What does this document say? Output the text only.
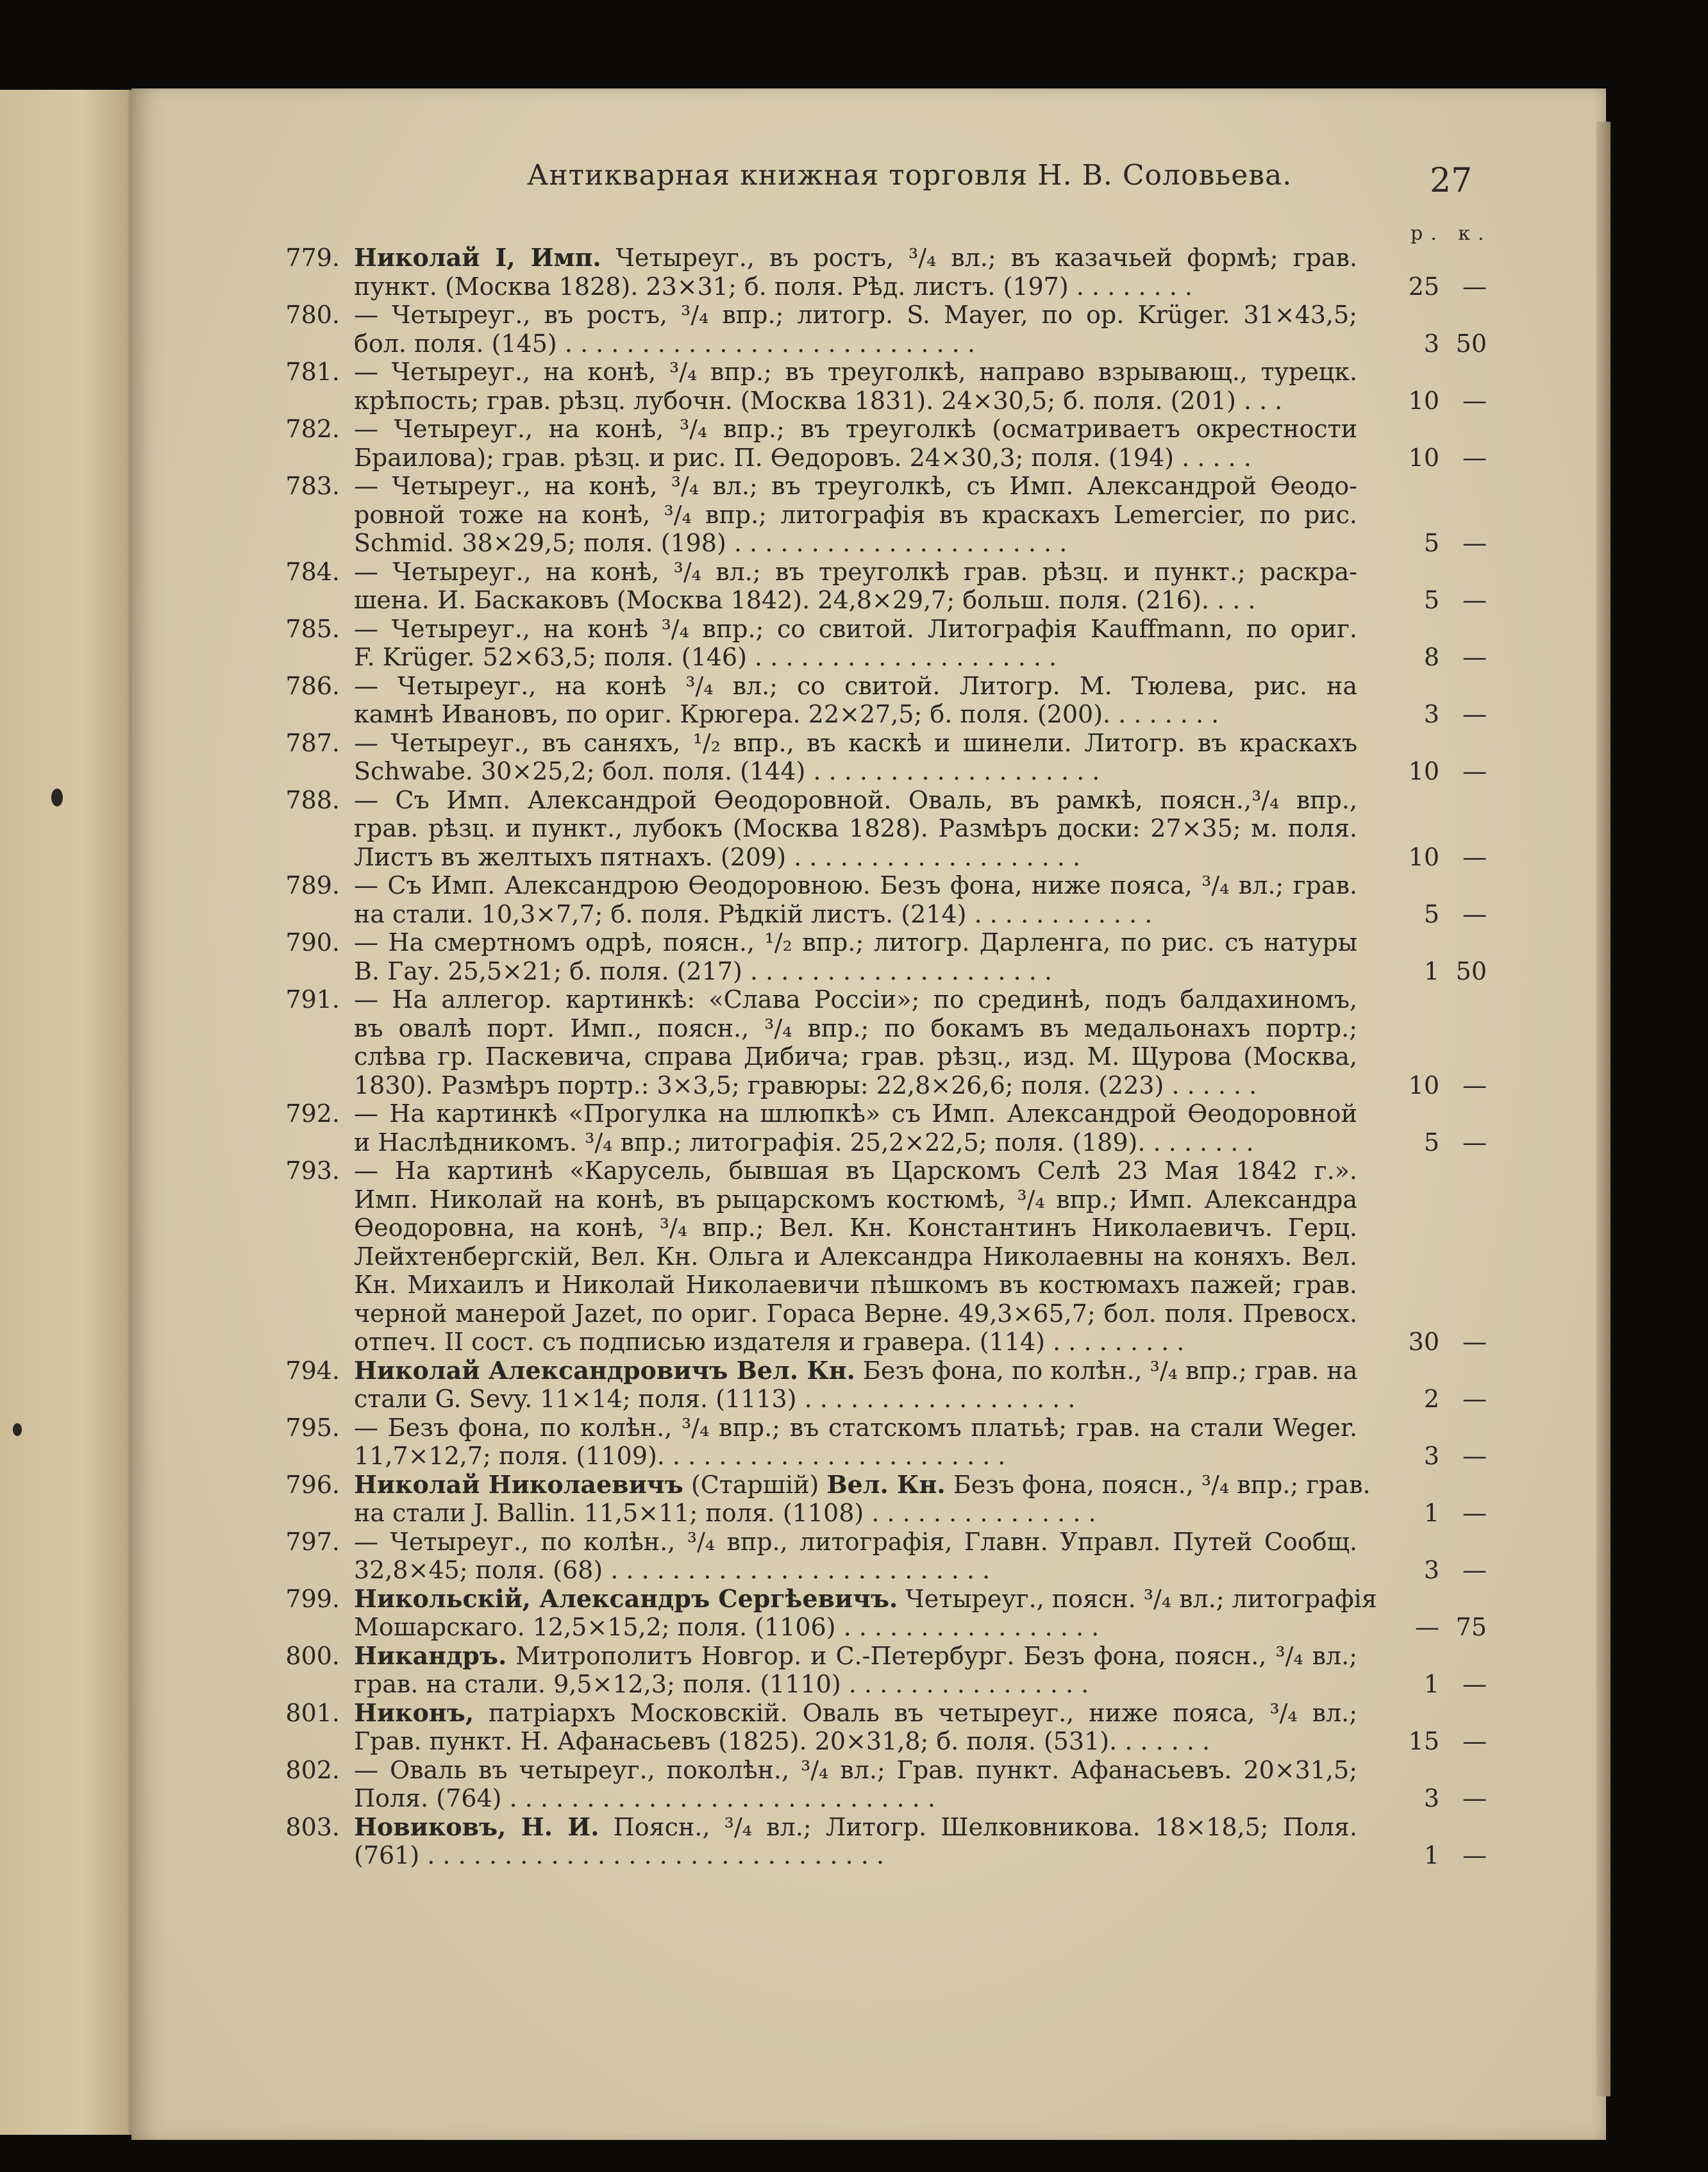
Антикварная книжная торговля Н. В. Соловьева.	27
р. к.
779. Николай I, Имп. Четыреуг., въ ростъ, ³/₄ вл.; въ казачьей формѣ; грав.
пункт. (Москва 1828). 23×31; б. поля. Рѣд. листъ. (197) . . . . . . . .	25 —
780. — Четыреуг., въ ростъ, ³/₄ впр.; литогр. S. Mayer, по ор. Krüger. 31×43,5;
бол. поля. (145) . . . . . . . . . . . . . . . . . . . . . . . . . . .	3 50
781. — Четыреуг., на конѣ, ³/₄ впр.; въ треуголкѣ, направо взрывающ., турецк.
крѣпость; грав. рѣзц. лубочн. (Москва 1831). 24×30,5; б. поля. (201) . . .	10 —
782. — Четыреуг., на конѣ, ³/₄ впр.; въ треуголкѣ (осматриваетъ окрестности
Браилова); грав. рѣзц. и рис. П. Ѳедоровъ. 24×30,3; поля. (194) . . . . .	10 —
783. — Четыреуг., на конѣ, ³/₄ вл.; въ треуголкѣ, съ Имп. Александрой Ѳеодо-
ровной тоже на конѣ, ³/₄ впр.; литографія въ краскахъ Lemercier, по рис.
Schmid. 38×29,5; поля. (198) . . . . . . . . . . . . . . . . . . . . . .	5 —
784. — Четыреуг., на конѣ, ³/₄ вл.; въ треуголкѣ грав. рѣзц. и пункт.; раскра-
шена. И. Баскаковъ (Москва 1842). 24,8×29,7; больш. поля. (216). . . .	5 —
785. — Четыреуг., на конѣ ³/₄ впр.; со свитой. Литографія Kauffmann, по ориг.
F. Krüger. 52×63,5; поля. (146) . . . . . . . . . . . . . . . . . . . .	8 —
786. — Четыреуг., на конѣ ³/₄ вл.; со свитой. Литогр. М. Тюлева, рис. на
камнѣ Ивановъ, по ориг. Крюгера. 22×27,5; б. поля. (200). . . . . . . .	3 —
787. — Четыреуг., въ саняхъ, ¹/₂ впр., въ каскѣ и шинели. Литогр. въ краскахъ
Schwabe. 30×25,2; бол. поля. (144) . . . . . . . . . . . . . . . . . . .	10 —
788. — Съ Имп. Александрой Ѳеодоровной. Оваль, въ рамкѣ, поясн.,³/₄ впр.,
грав. рѣзц. и пункт., лубокъ (Москва 1828). Размѣръ доски: 27×35; м. поля.
Листъ въ желтыхъ пятнахъ. (209) . . . . . . . . . . . . . . . . . . .	10 —
789. — Съ Имп. Александрою Ѳеодоровною. Безъ фона, ниже пояса, ³/₄ вл.; грав.
на стали. 10,3×7,7; б. поля. Рѣдкій листъ. (214) . . . . . . . . . . . .	5 —
790. — На смертномъ одрѣ, поясн., ¹/₂ впр.; литогр. Дарленга, по рис. съ натуры
В. Гау. 25,5×21; б. поля. (217) . . . . . . . . . . . . . . . . . . . .	1 50
791. — На аллегор. картинкѣ: «Слава Россіи»; по срединѣ, подъ балдахиномъ,
въ овалѣ порт. Имп., поясн., ³/₄ впр.; по бокамъ въ медальонахъ портр.;
слѣва гр. Паскевича, справа Дибича; грав. рѣзц., изд. М. Щурова (Москва,
1830). Размѣръ портр.: 3×3,5; гравюры: 22,8×26,6; поля. (223) . . . . . .	10 —
792. — На картинкѣ «Прогулка на шлюпкѣ» съ Имп. Александрой Ѳеодоровной
и Наслѣдникомъ. ³/₄ впр.; литографія. 25,2×22,5; поля. (189). . . . . . . .	5 —
793. — На картинѣ «Карусель, бывшая въ Царскомъ Селѣ 23 Мая 1842 г.».
Имп. Николай на конѣ, въ рыцарскомъ костюмѣ, ³/₄ впр.; Имп. Александра
Ѳеодоровна, на конѣ, ³/₄ впр.; Вел. Кн. Константинъ Николаевичъ. Герц.
Лейхтенбергскій, Вел. Кн. Ольга и Александра Николаевны на коняхъ. Вел.
Кн. Михаилъ и Николай Николаевичи пѣшкомъ въ костюмахъ пажей; грав.
черной манерой Jazet, по ориг. Гораса Верне. 49,3×65,7; бол. поля. Превосх.
отпеч. II сост. съ подписью издателя и гравера. (114) . . . . . . . . .	30 —
794. Николай Александровичъ Вел. Кн. Безъ фона, по колѣн., ³/₄ впр.; грав. на
стали G. Sevy. 11×14; поля. (1113) . . . . . . . . . . . . . . . . . .	2 —
795. — Безъ фона, по колѣн., ³/₄ впр.; въ статскомъ платьѣ; грав. на стали Weger.
11,7×12,7; поля. (1109). . . . . . . . . . . . . . . . . . . . . . .	3 —
796. Николай Николаевичъ (Старшій) Вел. Кн. Безъ фона, поясн., ³/₄ впр.; грав.
на стали J. Ballin. 11,5×11; поля. (1108) . . . . . . . . . . . . . . .	1 —
797. — Четыреуг., по колѣн., ³/₄ впр., литографія, Главн. Управл. Путей Сообщ.
32,8×45; поля. (68) . . . . . . . . . . . . . . . . . . . . . . . . .	3 —
799. Никольскій, Александръ Сергѣевичъ. Четыреуг., поясн. ³/₄ вл.; литографія
Мошарскаго. 12,5×15,2; поля. (1106) . . . . . . . . . . . . . . . . .	— 75
800. Никандръ. Митрополитъ Новгор. и С.-Петербург. Безъ фона, поясн., ³/₄ вл.;
грав. на стали. 9,5×12,3; поля. (1110) . . . . . . . . . . . . . . . .	1 —
801. Никонъ, патріархъ Московскій. Оваль въ четыреуг., ниже пояса, ³/₄ вл.;
Грав. пункт. Н. Афанасьевъ (1825). 20×31,8; б. поля. (531). . . . . . .	15 —
802. — Оваль въ четыреуг., поколѣн., ³/₄ вл.; Грав. пункт. Афанасьевъ. 20×31,5;
Поля. (764) . . . . . . . . . . . . . . . . . . . . . . . . . . . .	3 —
803. Новиковъ, Н. И. Поясн., ³/₄ вл.; Литогр. Шелковникова. 18×18,5; Поля.
(761) . . . . . . . . . . . . . . . . . . . . . . . . . . . . . .	1 —
